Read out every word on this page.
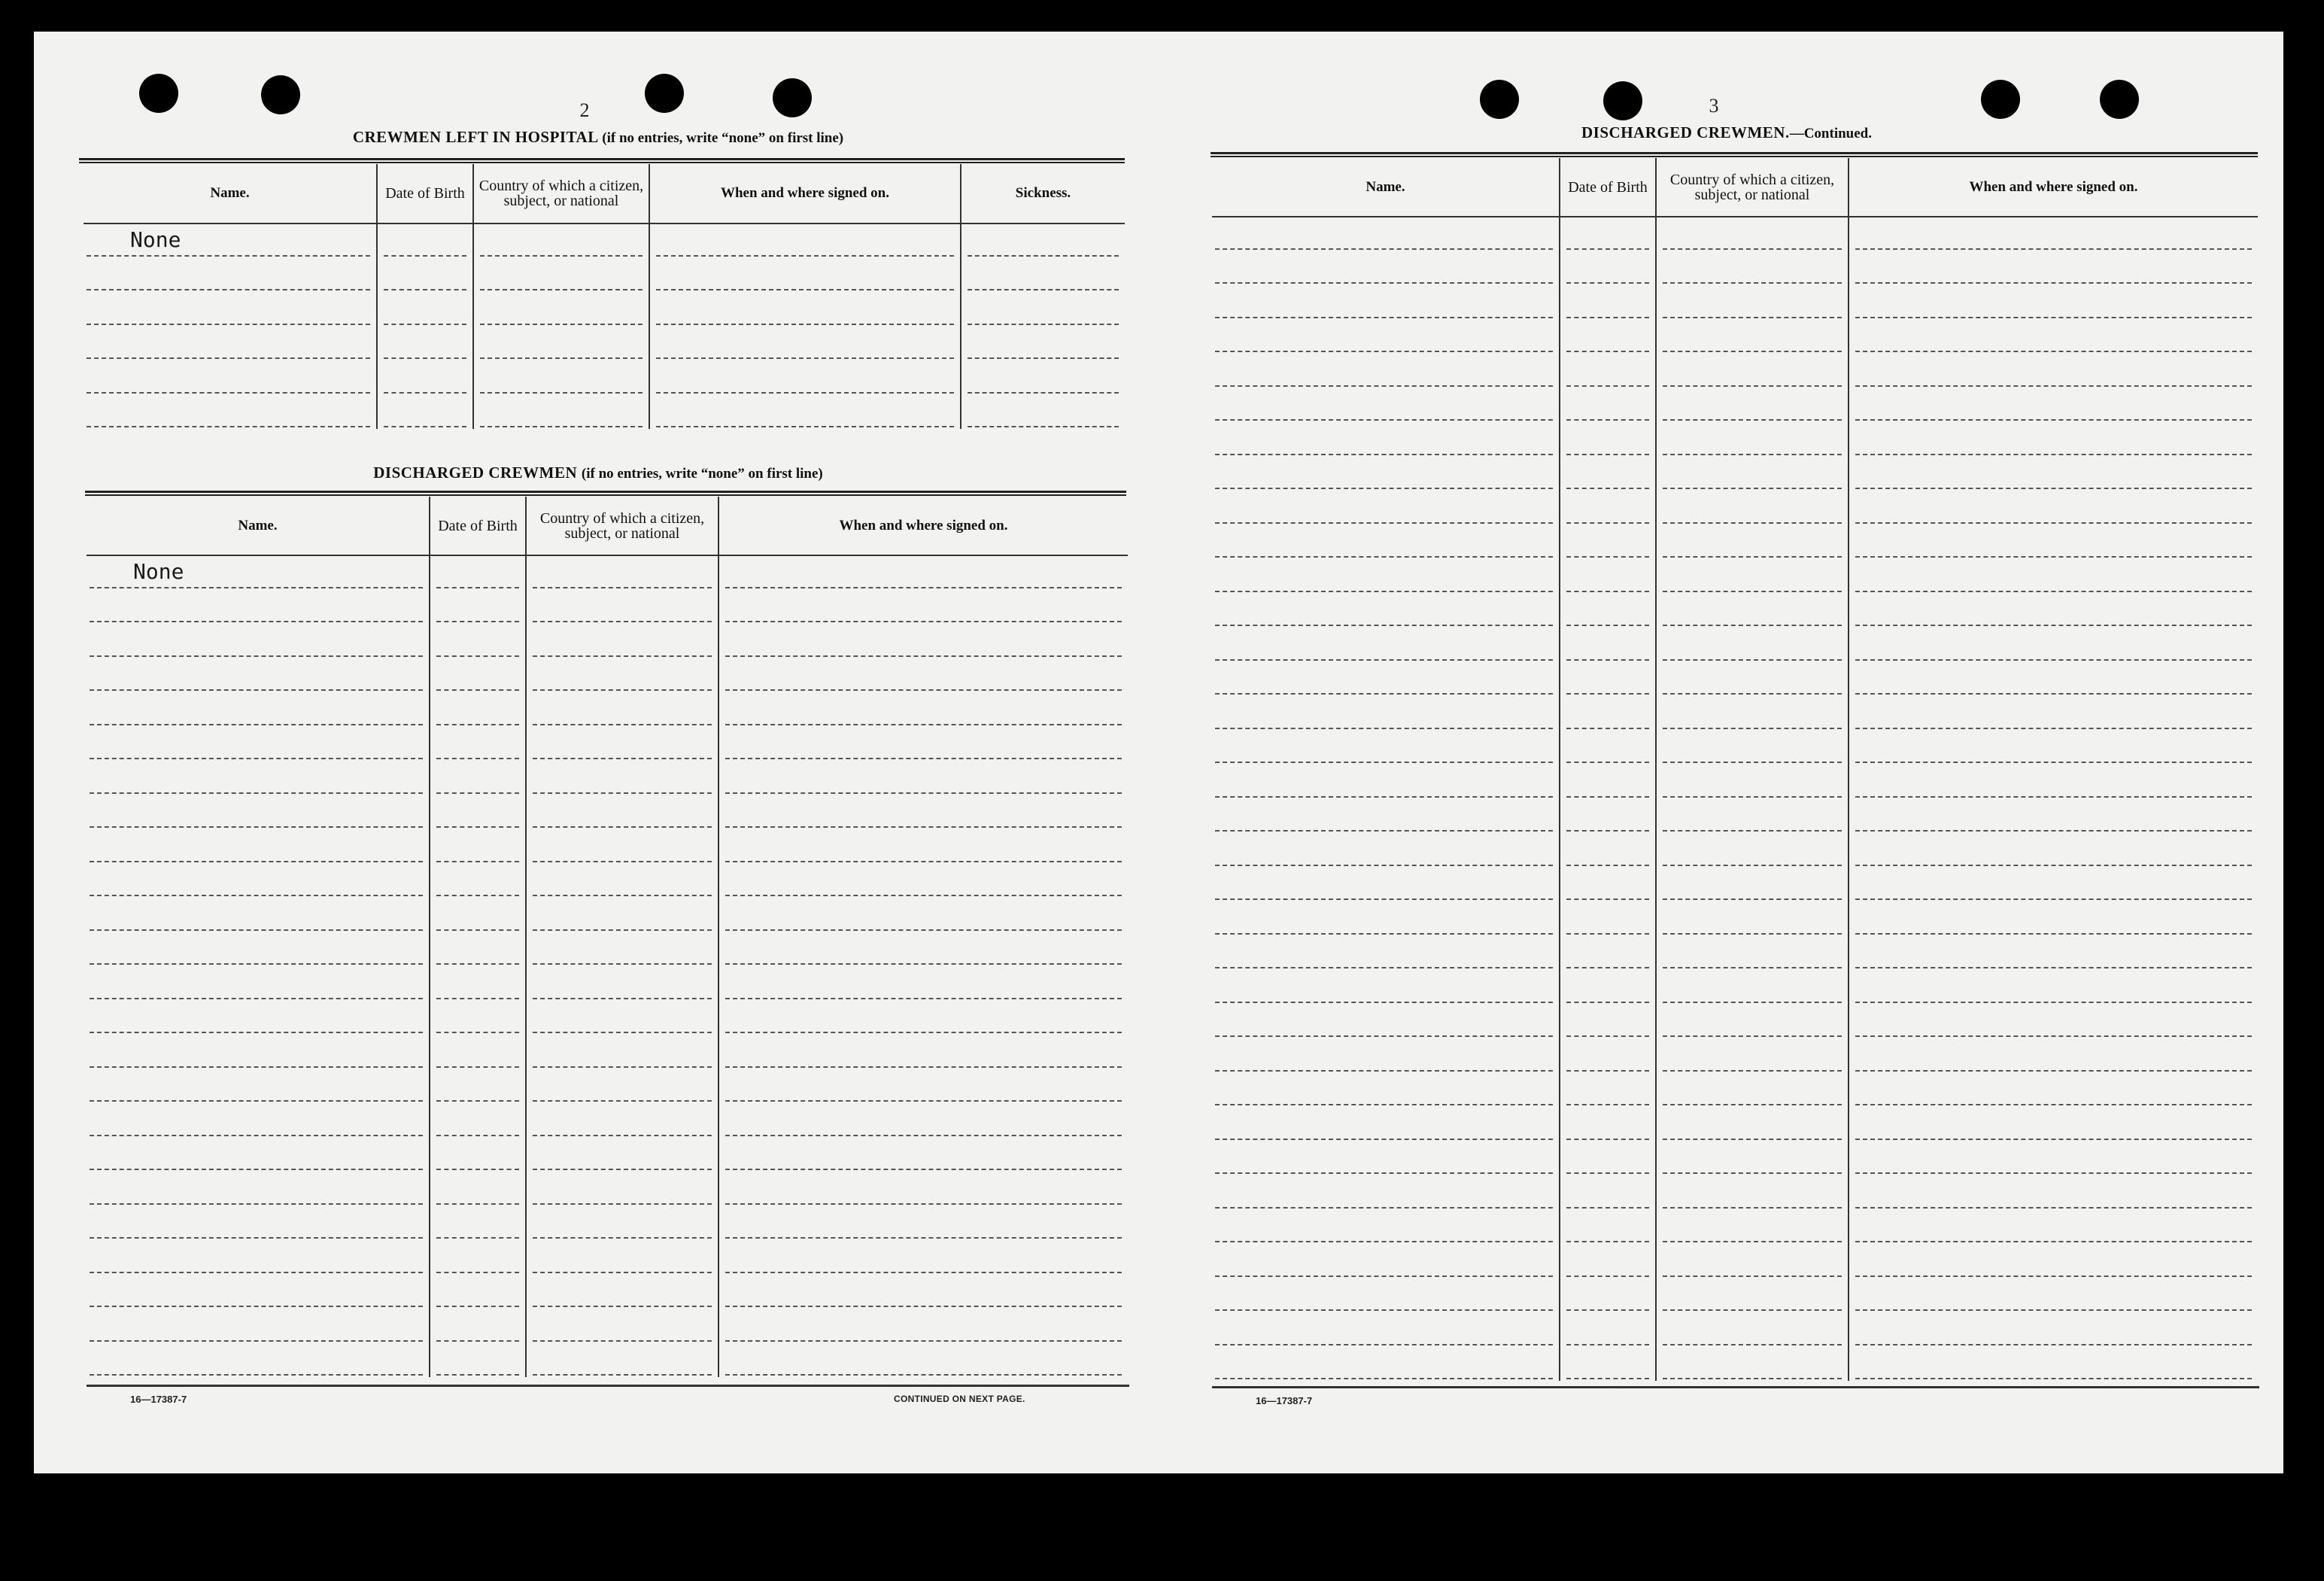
2
CREWMEN LEFT IN HOSPITAL (if no entries, write “none” on first line)
Name.	Date of Birth	Country of which a citizen, subject, or national	When and where signed on.	Sickness.

None				

DISCHARGED CREWMEN (if no entries, write “none” on first line)
Name.	Date of Birth	Country of which a citizen, subject, or national	When and where signed on.

None			

16—17387-7	CONTINUED ON NEXT PAGE.
3
DISCHARGED CREWMEN.—Continued.
Name.	Date of Birth	Country of which a citizen, subject, or national	When and where signed on.

16—17387-7
